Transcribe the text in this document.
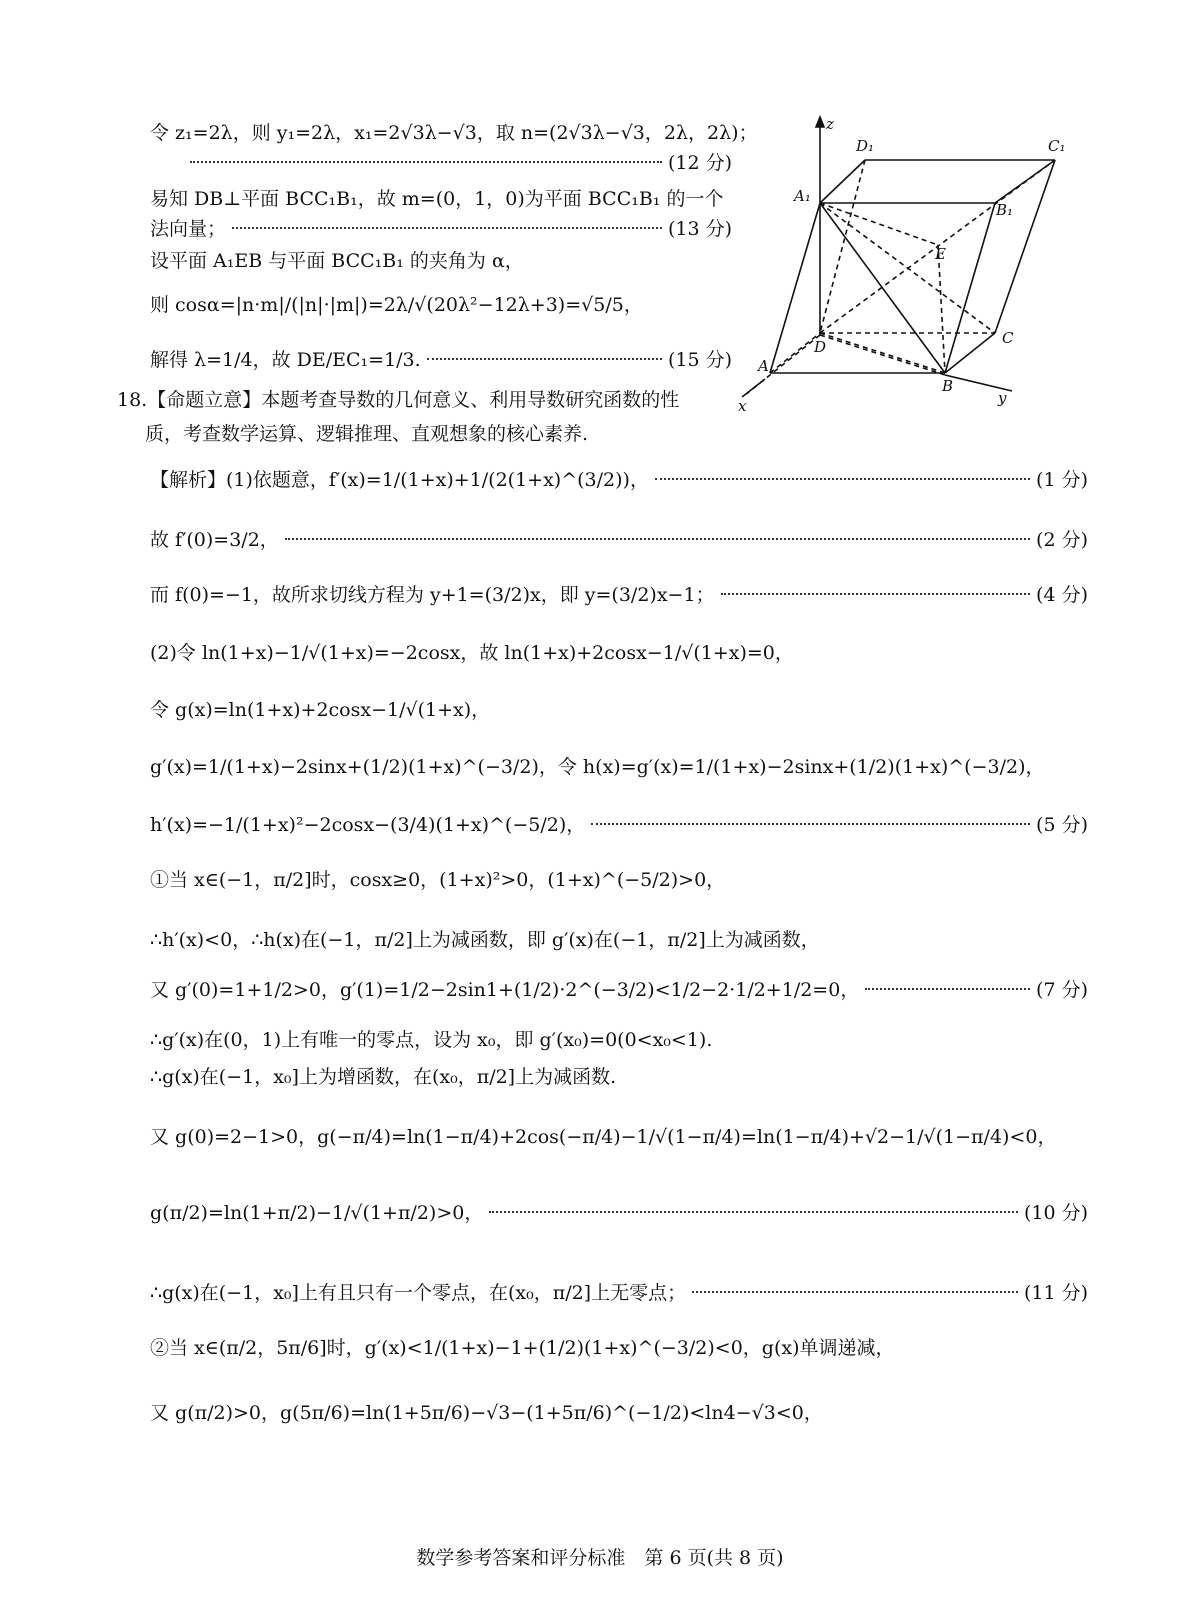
令 z₁=2λ，则 y₁=2λ，x₁=2√3λ−√3，取 n=(2√3λ−√3，2λ，2λ)；
(12 分)
易知 DB⊥平面 BCC₁B₁，故 m=(0，1，0)为平面 BCC₁B₁ 的一个
法向量；	(13 分)
设平面 A₁EB 与平面 BCC₁B₁ 的夹角为 α，
则 cosα=|n·m|/(|n|·|m|)=2λ/√(20λ²−12λ+3)=√5/5，
解得 λ=1/4，故 DE/EC₁=1/3.	(15 分)
z
D₁	C₁
A₁
B₁
E
D	C
A
B
x	y
18.【命题立意】本题考查导数的几何意义、利用导数研究函数的性
质，考查数学运算、逻辑推理、直观想象的核心素养.
【解析】(1)依题意，f′(x)=1/(1+x)+1/(2(1+x)^(3/2))，	(1 分)
故 f′(0)=3/2，	(2 分)
而 f(0)=−1，故所求切线方程为 y+1=(3/2)x，即 y=(3/2)x−1；	(4 分)
(2)令 ln(1+x)−1/√(1+x)=−2cosx，故 ln(1+x)+2cosx−1/√(1+x)=0，
令 g(x)=ln(1+x)+2cosx−1/√(1+x)，
g′(x)=1/(1+x)−2sinx+(1/2)(1+x)^(−3/2)，令 h(x)=g′(x)=1/(1+x)−2sinx+(1/2)(1+x)^(−3/2)，
h′(x)=−1/(1+x)²−2cosx−(3/4)(1+x)^(−5/2)，	(5 分)
①当 x∈(−1，π/2]时，cosx≥0，(1+x)²>0，(1+x)^(−5/2)>0，
∴h′(x)<0，∴h(x)在(−1，π/2]上为减函数，即 g′(x)在(−1，π/2]上为减函数，
又 g′(0)=1+1/2>0，g′(1)=1/2−2sin1+(1/2)·2^(−3/2)<1/2−2·1/2+1/2=0，	(7 分)
∴g′(x)在(0，1)上有唯一的零点，设为 x₀，即 g′(x₀)=0(0<x₀<1).
∴g(x)在(−1，x₀]上为增函数，在(x₀，π/2]上为减函数.
又 g(0)=2−1>0，g(−π/4)=ln(1−π/4)+2cos(−π/4)−1/√(1−π/4)=ln(1−π/4)+√2−1/√(1−π/4)<0，
g(π/2)=ln(1+π/2)−1/√(1+π/2)>0，	(10 分)
∴g(x)在(−1，x₀]上有且只有一个零点，在(x₀，π/2]上无零点；	(11 分)
②当 x∈(π/2，5π/6]时，g′(x)<1/(1+x)−1+(1/2)(1+x)^(−3/2)<0，g(x)单调递减，
又 g(π/2)>0，g(5π/6)=ln(1+5π/6)−√3−(1+5π/6)^(−1/2)<ln4−√3<0，
数学参考答案和评分标准　第 6 页(共 8 页)
